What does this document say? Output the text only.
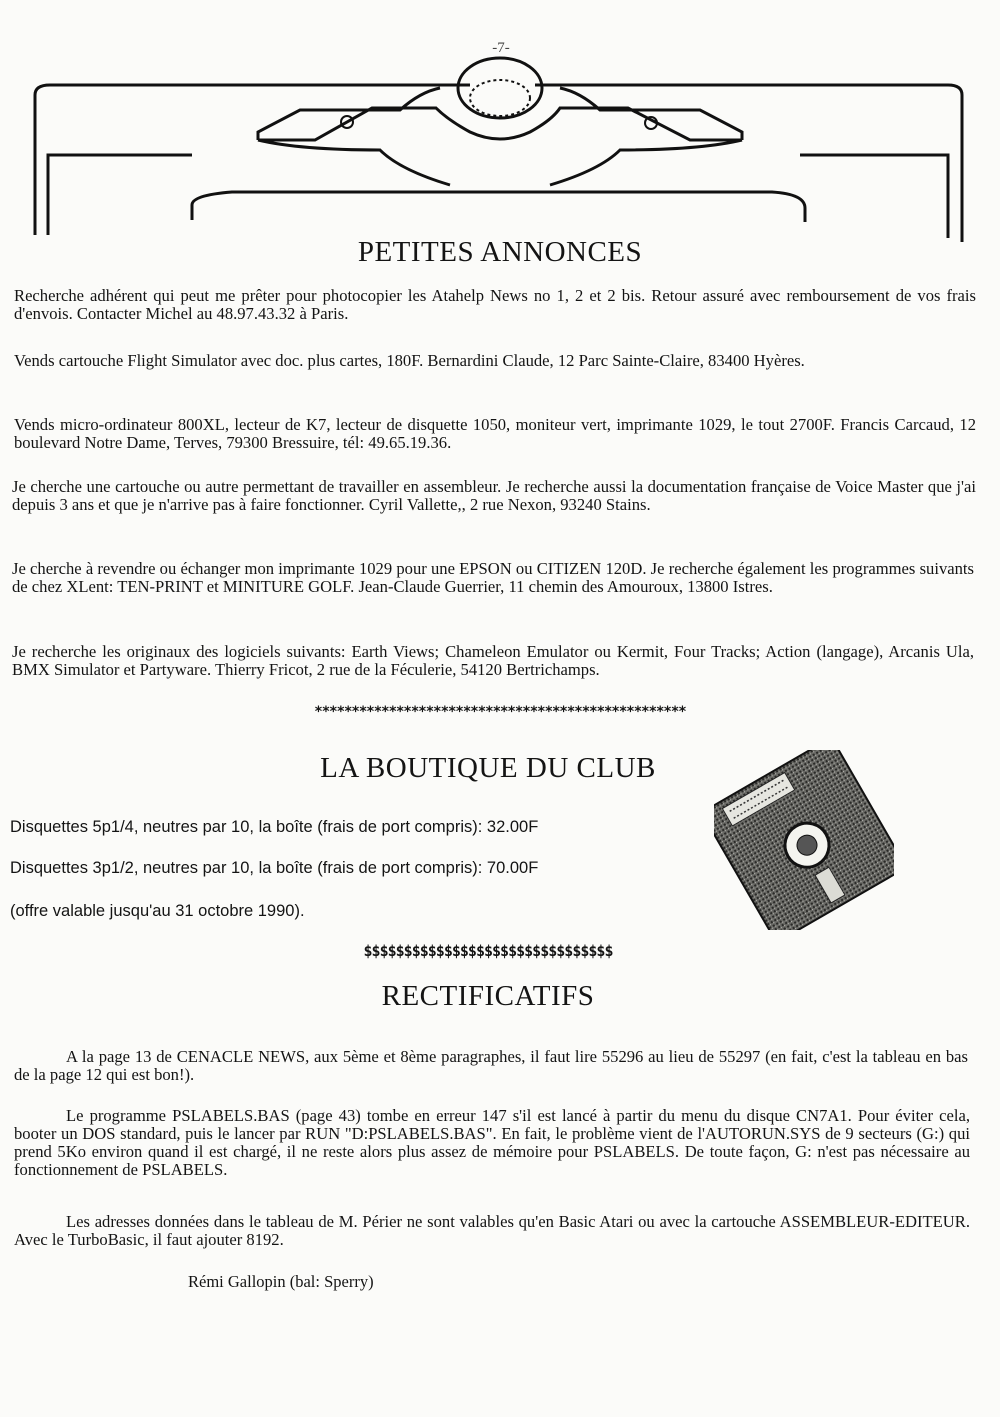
-7-
PETITES ANNONCES

Recherche adhérent qui peut me prêter pour photocopier les Atahelp News no 1, 2 et 2 bis. Retour assuré avec remboursement de vos frais d'envois. Contacter Michel au 48.97.43.32 à Paris.

Vends cartouche Flight Simulator avec doc. plus cartes, 180F. Bernardini Claude, 12 Parc Sainte-Claire, 83400 Hyères.

Vends micro-ordinateur 800XL, lecteur de K7, lecteur de disquette 1050, moniteur vert, imprimante 1029, le tout 2700F. Francis Carcaud, 12 boulevard Notre Dame, Terves, 79300 Bressuire, tél: 49.65.19.36.

Je cherche une cartouche ou autre permettant de travailler en assembleur. Je recherche aussi la documentation française de Voice Master que j'ai depuis 3 ans et que je n'arrive pas à faire fonctionner. Cyril Vallette,, 2 rue Nexon, 93240 Stains.

Je cherche à revendre ou échanger mon imprimante 1029 pour une EPSON ou CITIZEN 120D. Je recherche également les programmes suivants de chez XLent: TEN-PRINT et MINITURE GOLF. Jean-Claude Guerrier, 11 chemin des Amouroux, 13800 Istres.

Je recherche les originaux des logiciels suivants: Earth Views; Chameleon Emulator ou Kermit, Four Tracks; Action (langage), Arcanis Ula, BMX Simulator et Partyware. Thierry Fricot, 2 rue de la Féculerie, 54120 Bertrichamps.

**************************************************

LA BOUTIQUE DU CLUB

Disquettes 5p1/4, neutres par 10, la boîte (frais de port compris): 32.00F

Disquettes 3p1/2, neutres par 10, la boîte (frais de port compris): 70.00F

(offre valable jusqu'au 31 octobre 1990).

$$$$$$$$$$$$$$$$$$$$$$$$$$$$$$$

RECTIFICATIFS

A la page 13 de CENACLE NEWS, aux 5ème et 8ème paragraphes, il faut lire 55296 au lieu de 55297 (en fait, c'est la tableau en bas de la page 12 qui est bon!).

Le programme PSLABELS.BAS (page 43) tombe en erreur 147 s'il est lancé à partir du menu du disque CN7A1. Pour éviter cela, booter un DOS standard, puis le lancer par RUN "D:PSLABELS.BAS". En fait, le problème vient de l'AUTORUN.SYS de 9 secteurs (G:) qui prend 5Ko environ quand il est chargé, il ne reste alors plus assez de mémoire pour PSLABELS. De toute façon, G: n'est pas nécessaire au fonctionnement de PSLABELS.

Les adresses données dans le tableau de M. Périer ne sont valables qu'en Basic Atari ou avec la cartouche ASSEMBLEUR-EDITEUR. Avec le TurboBasic, il faut ajouter 8192.

Rémi Gallopin (bal: Sperry)
